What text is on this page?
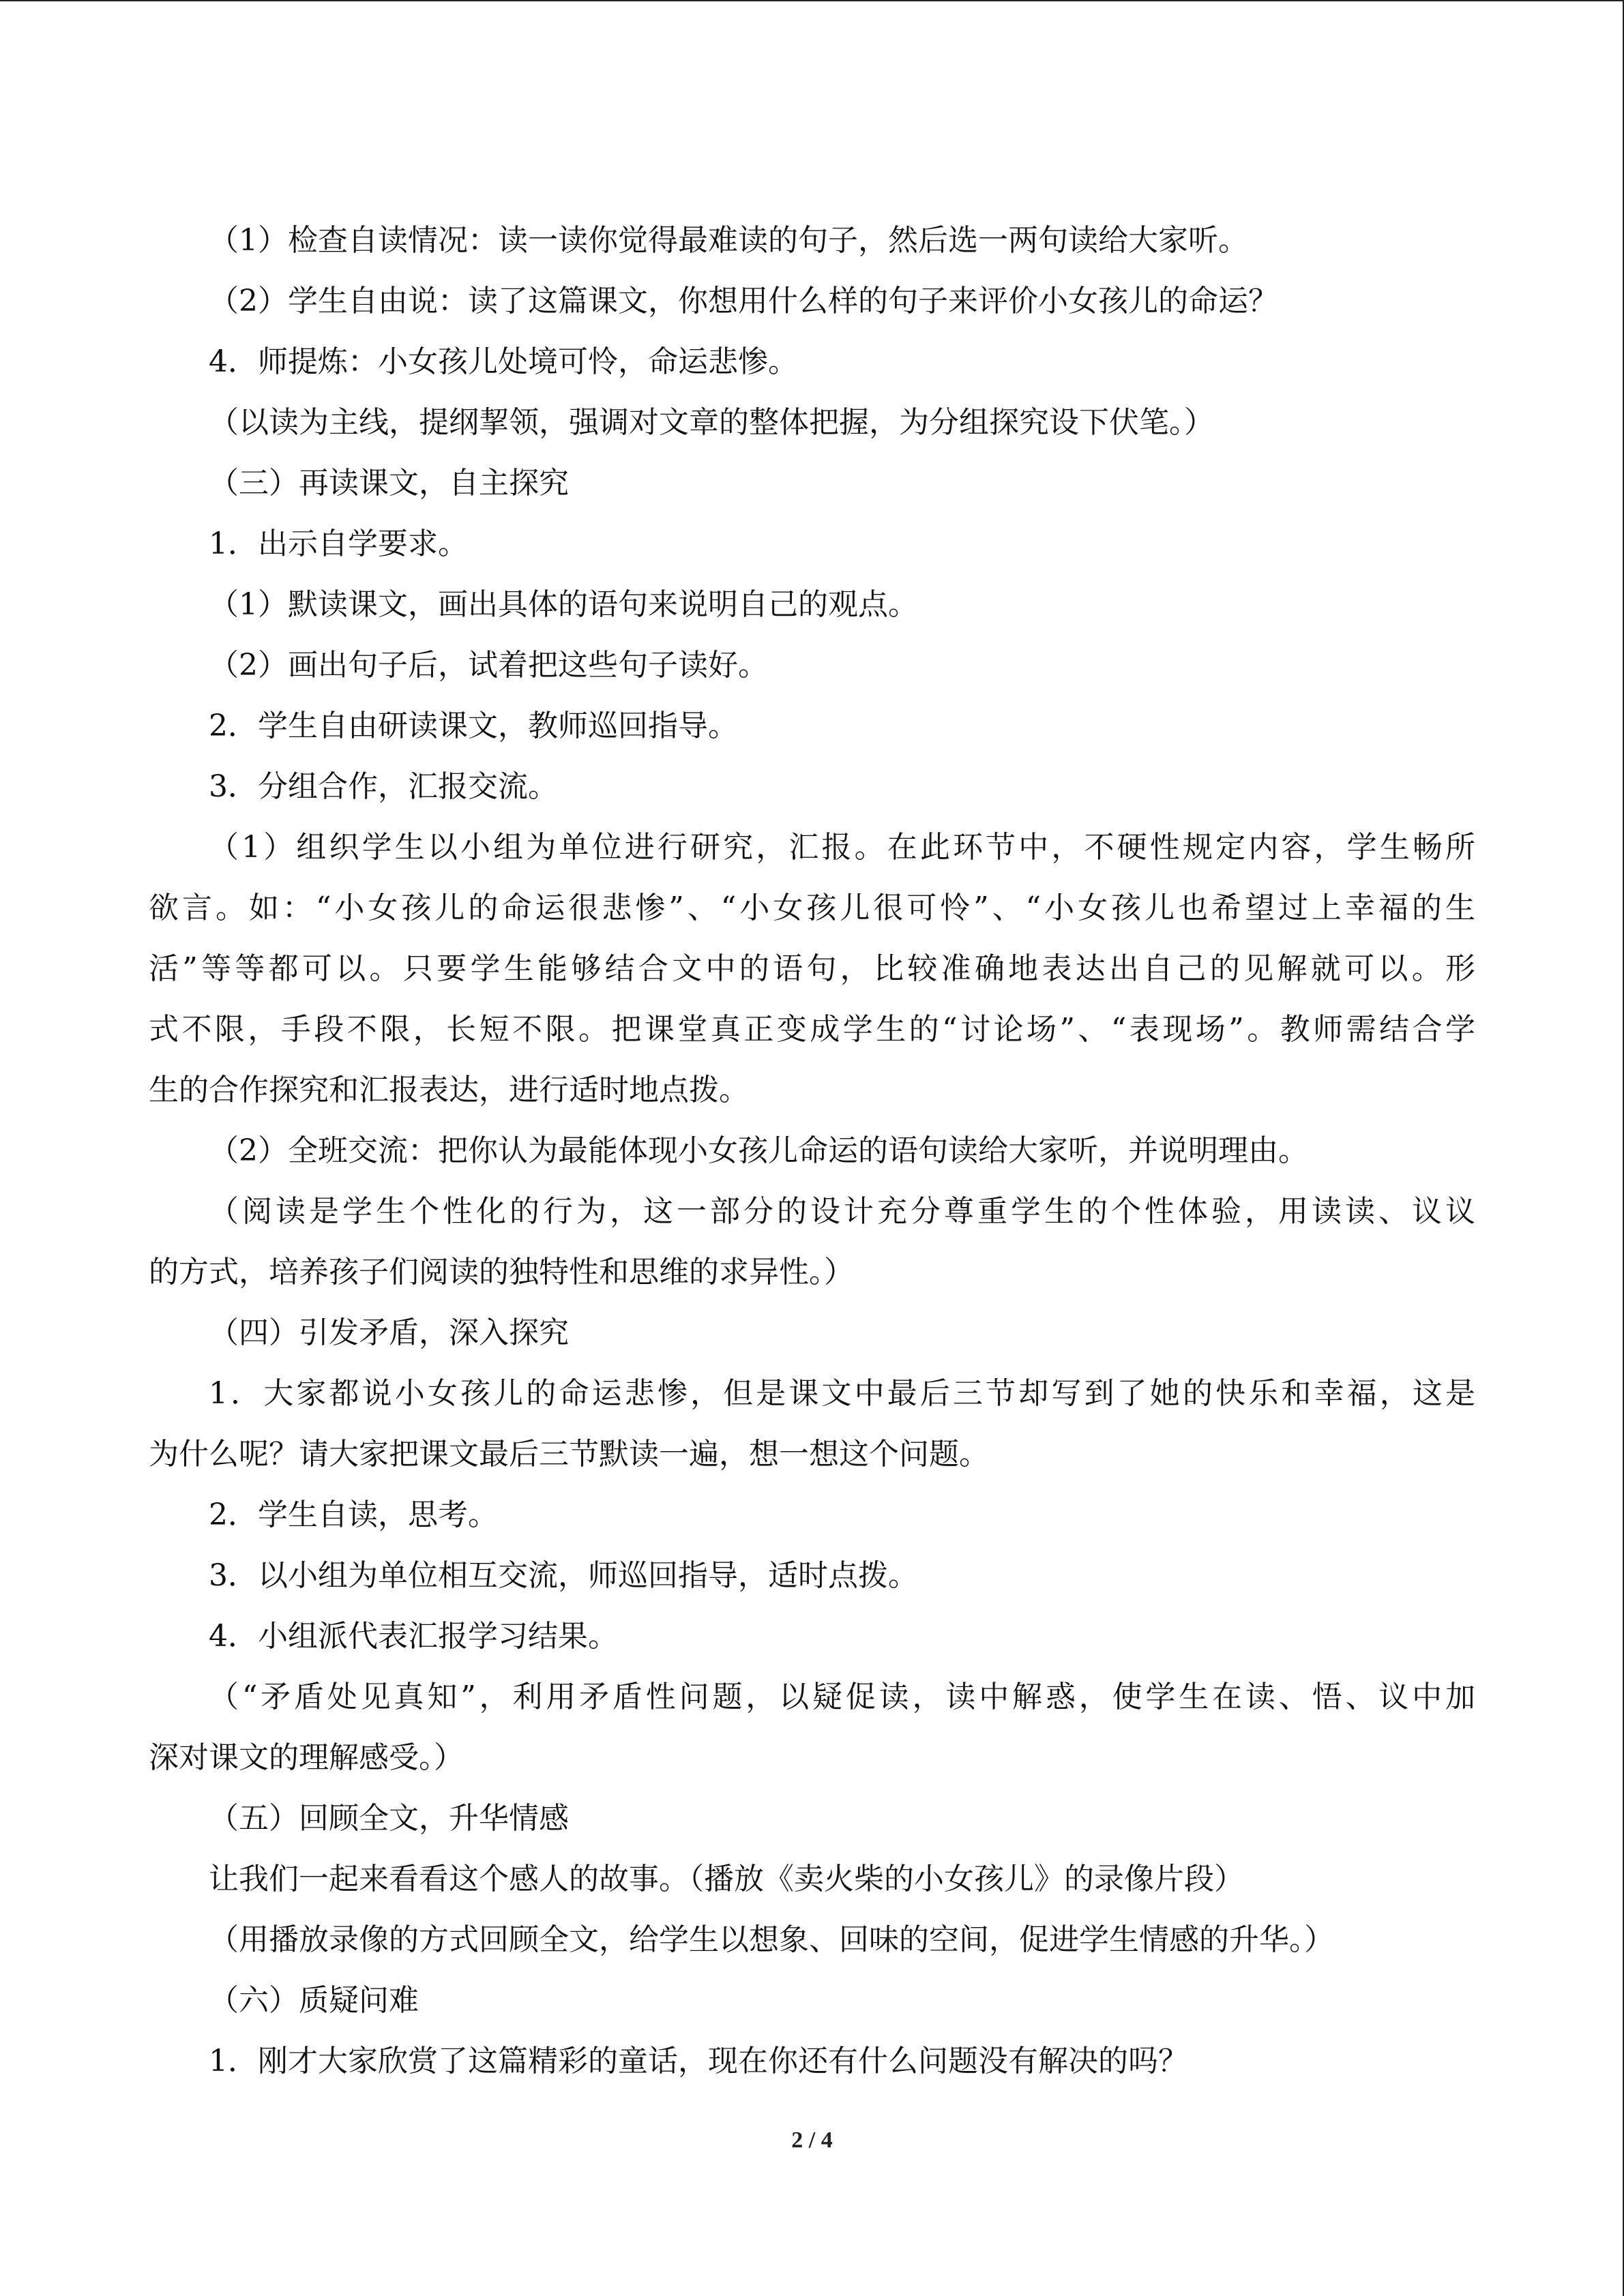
（1）检查自读情况：读一读你觉得最难读的句子，然后选一两句读给大家听。
（2）学生自由说：读了这篇课文，你想用什么样的句子来评价小女孩儿的命运？
4．师提炼：小女孩儿处境可怜，命运悲惨。
（以读为主线，提纲挈领，强调对文章的整体把握，为分组探究设下伏笔。）
（三）再读课文，自主探究
1．出示自学要求。
（1）默读课文，画出具体的语句来说明自己的观点。
（2）画出句子后，试着把这些句子读好。
2．学生自由研读课文，教师巡回指导。
3．分组合作，汇报交流。
（1）组织学生以小组为单位进行研究，汇报。在此环节中，不硬性规定内容，学生畅所
欲言。如：“小女孩儿的命运很悲惨”、“小女孩儿很可怜”、“小女孩儿也希望过上幸福的生
活”等等都可以。只要学生能够结合文中的语句，比较准确地表达出自己的见解就可以。形
式不限，手段不限，长短不限。把课堂真正变成学生的“讨论场”、“表现场”。教师需结合学
生的合作探究和汇报表达，进行适时地点拨。
（2）全班交流：把你认为最能体现小女孩儿命运的语句读给大家听，并说明理由。
（阅读是学生个性化的行为，这一部分的设计充分尊重学生的个性体验，用读读、议议
的方式，培养孩子们阅读的独特性和思维的求异性。）
（四）引发矛盾，深入探究
1．大家都说小女孩儿的命运悲惨，但是课文中最后三节却写到了她的快乐和幸福，这是
为什么呢？请大家把课文最后三节默读一遍，想一想这个问题。
2．学生自读，思考。
3．以小组为单位相互交流，师巡回指导，适时点拨。
4．小组派代表汇报学习结果。
（“矛盾处见真知”，利用矛盾性问题，以疑促读，读中解惑，使学生在读、悟、议中加
深对课文的理解感受。）
（五）回顾全文，升华情感
让我们一起来看看这个感人的故事。（播放《卖火柴的小女孩儿》的录像片段）
（用播放录像的方式回顾全文，给学生以想象、回味的空间，促进学生情感的升华。）
（六）质疑问难
1．刚才大家欣赏了这篇精彩的童话，现在你还有什么问题没有解决的吗？
2 / 4
